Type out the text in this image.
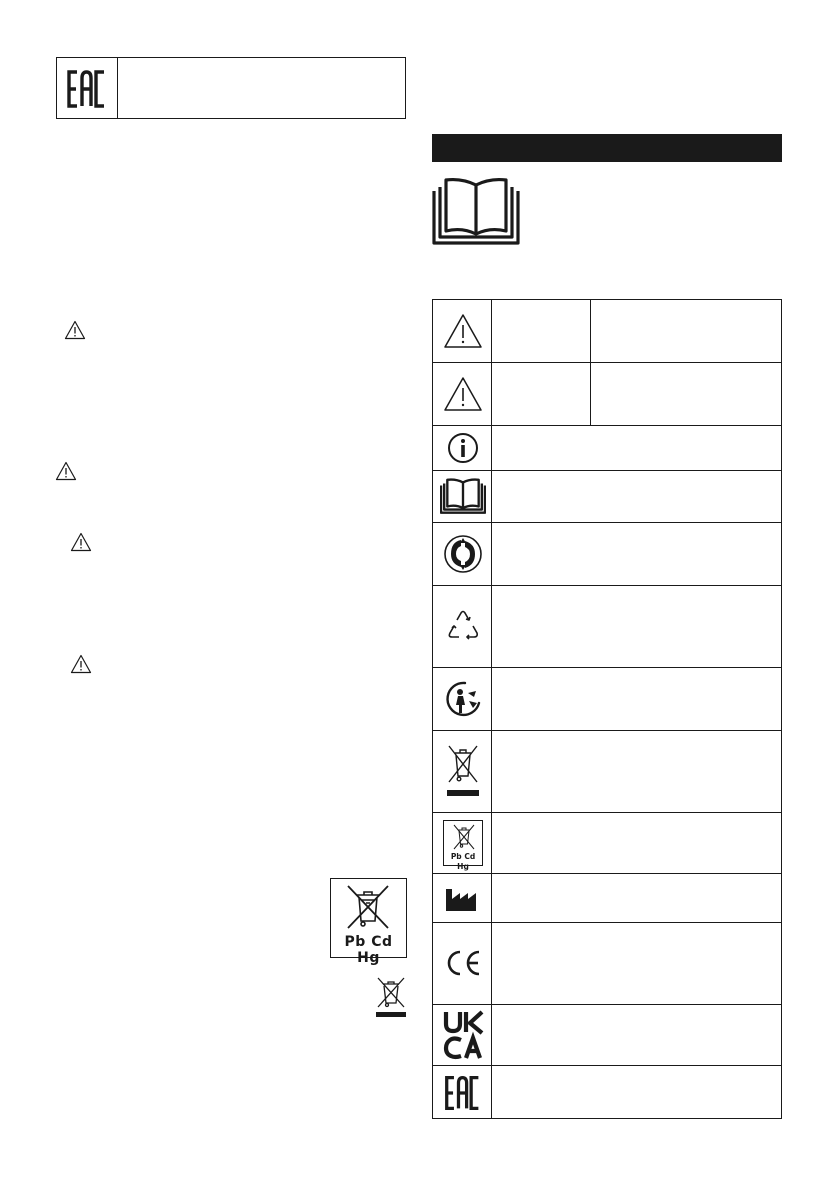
Pb Cd Hg
Pb Cd Hg
